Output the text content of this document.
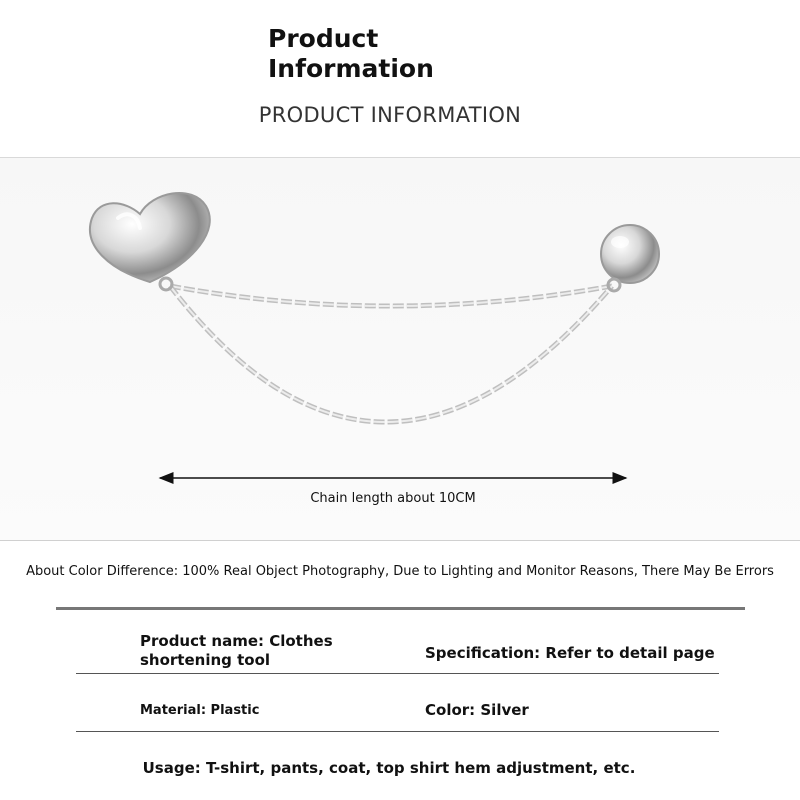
Product Information
PRODUCT INFORMATION
Chain length about 10CM
About Color Difference: 100% Real Object Photography, Due to Lighting and Monitor Reasons, There May Be Errors
Product name: Clothes shortening tool	Specification: Refer to detail page
Material: Plastic	Color: Silver
Usage: T-shirt, pants, coat, top shirt hem adjustment, etc.
